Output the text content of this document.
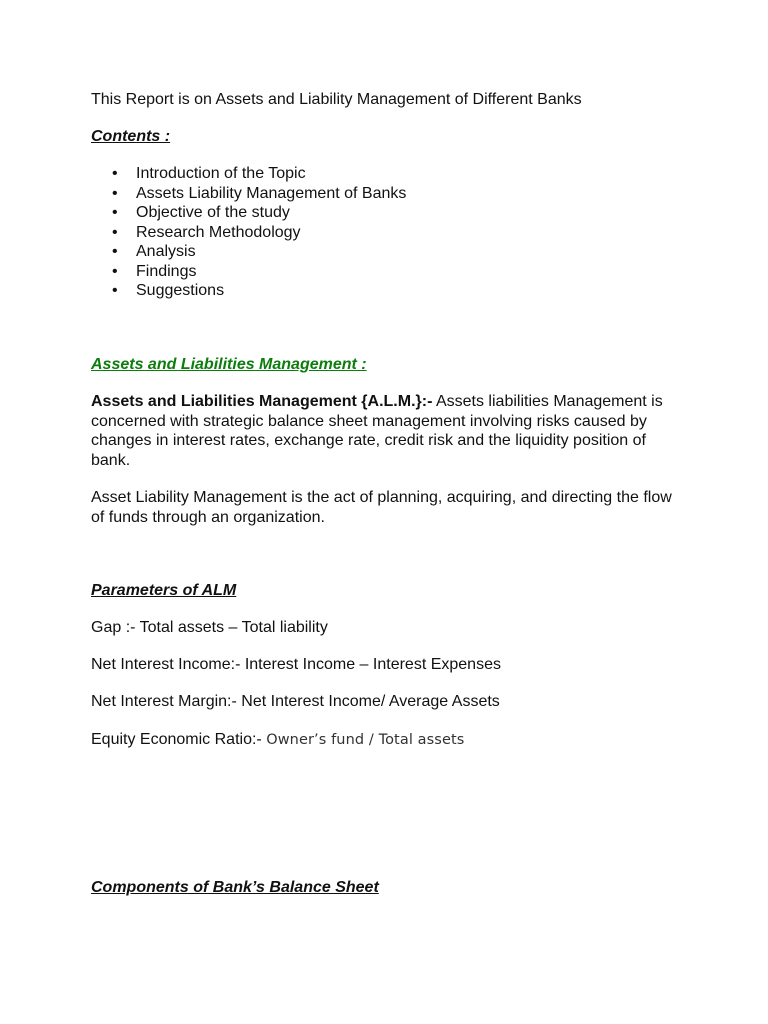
This Report is on Assets and Liability Management of Different Banks

Contents :

• Introduction of the Topic
• Assets Liability Management of Banks
• Objective of the study
• Research Methodology
• Analysis
• Findings
• Suggestions

Assets and Liabilities Management :

Assets and Liabilities Management {A.L.M.}:- Assets liabilities Management is concerned with strategic balance sheet management involving risks caused by changes in interest rates, exchange rate, credit risk and the liquidity position of bank.

Asset Liability Management is the act of planning, acquiring, and directing the flow of funds through an organization.

Parameters of ALM

Gap :- Total assets – Total liability

Net Interest Income:- Interest Income – Interest Expenses

Net Interest Margin:- Net Interest Income/ Average Assets

Equity Economic Ratio:- Owner’s fund / Total assets

Components of Bank’s Balance Sheet
